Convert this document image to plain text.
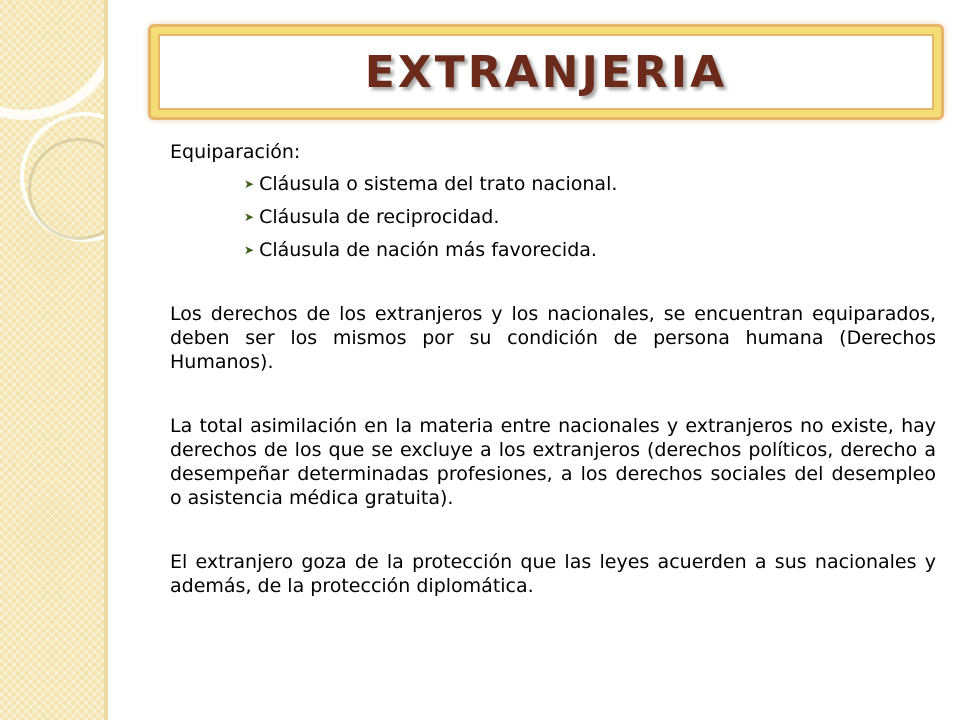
EXTRANJERIA

Equiparación:

➤ Cláusula o sistema del trato nacional.
➤ Cláusula de reciprocidad.
➤ Cláusula de nación más favorecida.

Los derechos de los extranjeros y los nacionales, se encuentran equiparados, deben ser los mismos por su condición de persona humana (Derechos Humanos).

La total asimilación en la materia entre nacionales y extranjeros no existe, hay derechos de los que se excluye a los extranjeros (derechos políticos, derecho a desempeñar determinadas profesiones, a los derechos sociales del desempleo o asistencia médica gratuita).

El extranjero goza de la protección que las leyes acuerden a sus nacionales y además, de la protección diplomática.
